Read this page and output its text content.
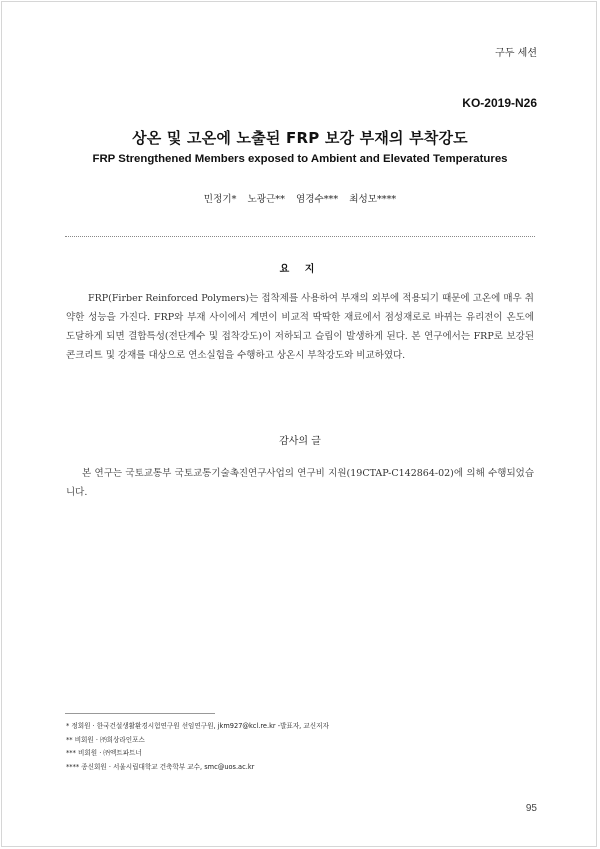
구두 세션
KO-2019-N26
상온 및 고온에 노출된 FRP 보강 부재의 부착강도
FRP Strengthened Members exposed to Ambient and Elevated Temperatures
민정기* 노광근** 염경수*** 최성모****
요 지

FRP(Firber Reinforced Polymers)는 접착제를 사용하여 부재의 외부에 적용되기 때문에 고온에 매우 취약한 성능을 가진다. FRP와 부재 사이에서 계면이 비교적 딱딱한 재료에서 점성재로로 바뀌는 유리전이 온도에 도달하게 되면 결합특성(전단계수 및 접착강도)이 저하되고 슬립이 발생하게 된다. 본 연구에서는 FRP로 보강된 콘크리트 및 강재를 대상으로 연소실험을 수행하고 상온시 부착강도와 비교하였다.

감사의 글

본 연구는 국토교통부 국토교통기술촉진연구사업의 연구비 지원(19CTAP-C142864-02)에 의해 수행되었습니다.

* 정회원 · 한국건설생활환경시험연구원 선임연구원, jkm927@kcl.re.kr -발표자, 교신저자
** 비회원 · ㈜희상라인포스
*** 비회원 · ㈜엑트파트너
**** 종신회원 · 서울시립대학교 건축학부 교수, smc@uos.ac.kr
95
